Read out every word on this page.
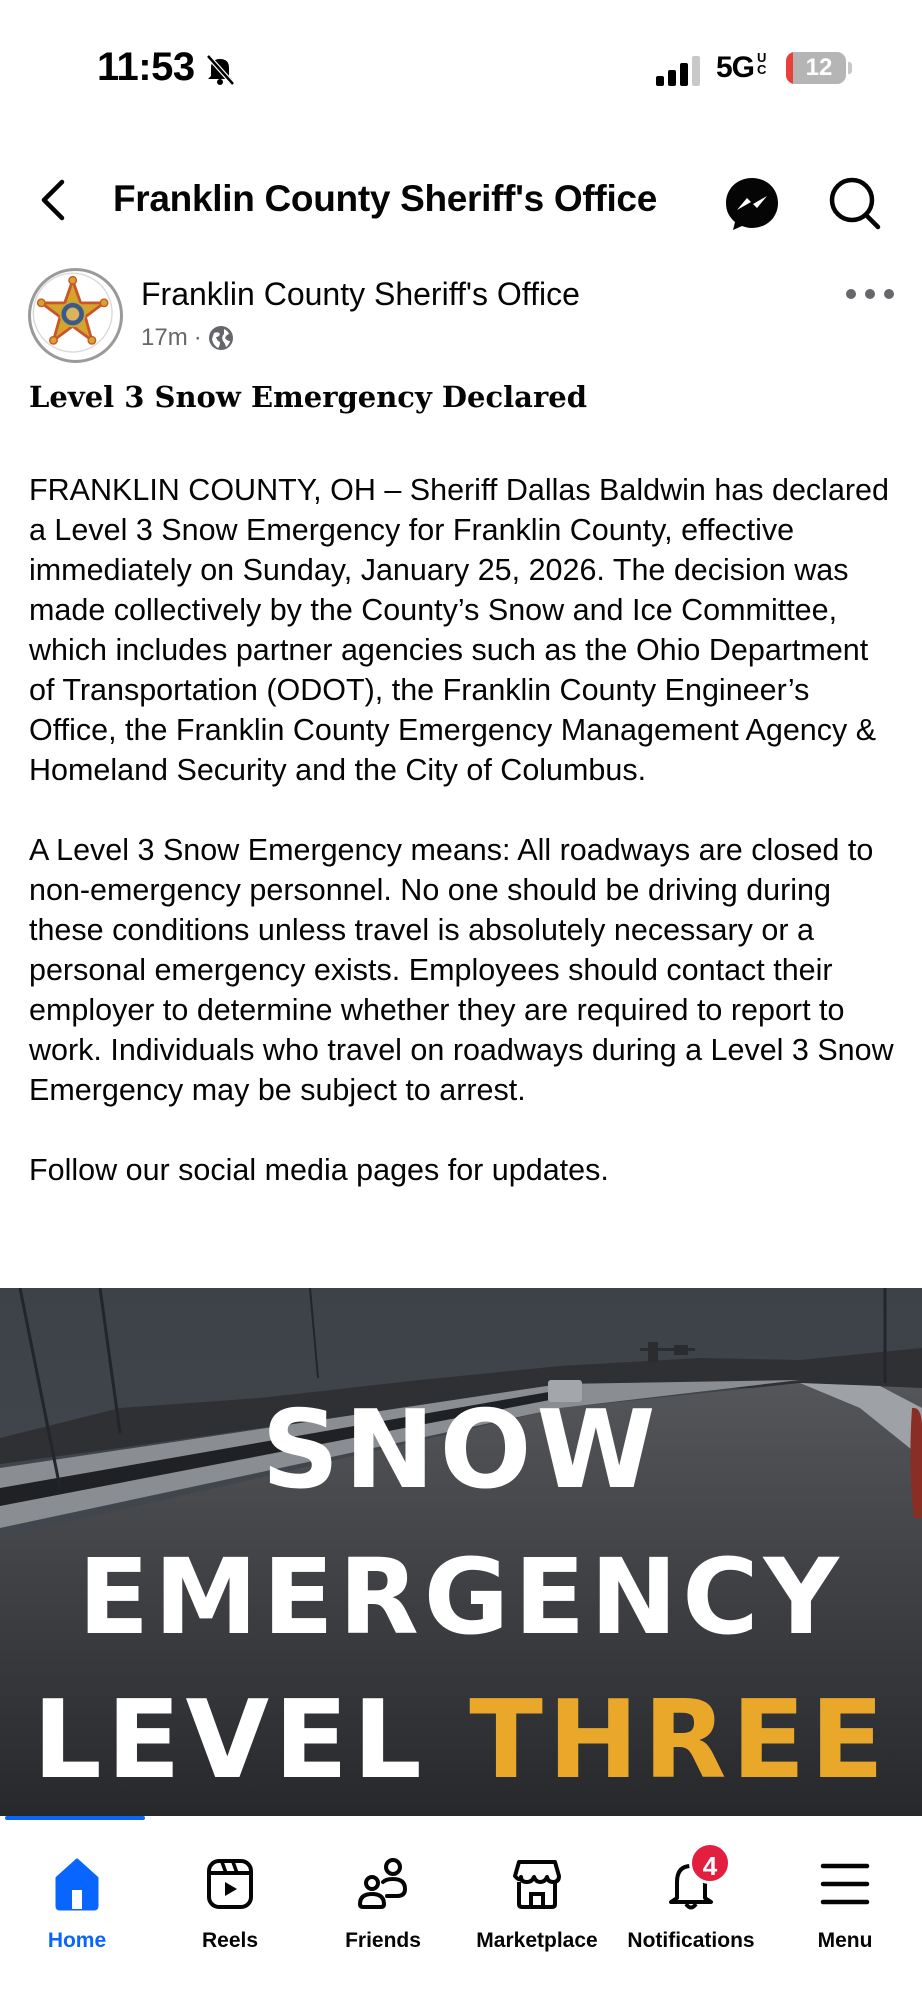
11:53	5G UC	12
Franklin County Sheriff's Office
Franklin County Sheriff's Office
17m ·
Level 3 Snow Emergency Declared

FRANKLIN COUNTY, OH – Sheriff Dallas Baldwin has declared a Level 3 Snow Emergency for Franklin County, effective immediately on Sunday, January 25, 2026. The decision was made collectively by the County’s Snow and Ice Committee, which includes partner agencies such as the Ohio Department of Transportation (ODOT), the Franklin County Engineer’s Office, the Franklin County Emergency Management Agency & Homeland Security and the City of Columbus.

A Level 3 Snow Emergency means: All roadways are closed to non-emergency personnel. No one should be driving during these conditions unless travel is absolutely necessary or a personal emergency exists. Employees should contact their employer to determine whether they are required to report to work. Individuals who travel on roadways during a Level 3 Snow Emergency may be subject to arrest.

Follow our social media pages for updates.

SNOW
EMERGENCY
LEVEL THREE
Home	Reels	Friends	Marketplace
4
Notifications	Menu
